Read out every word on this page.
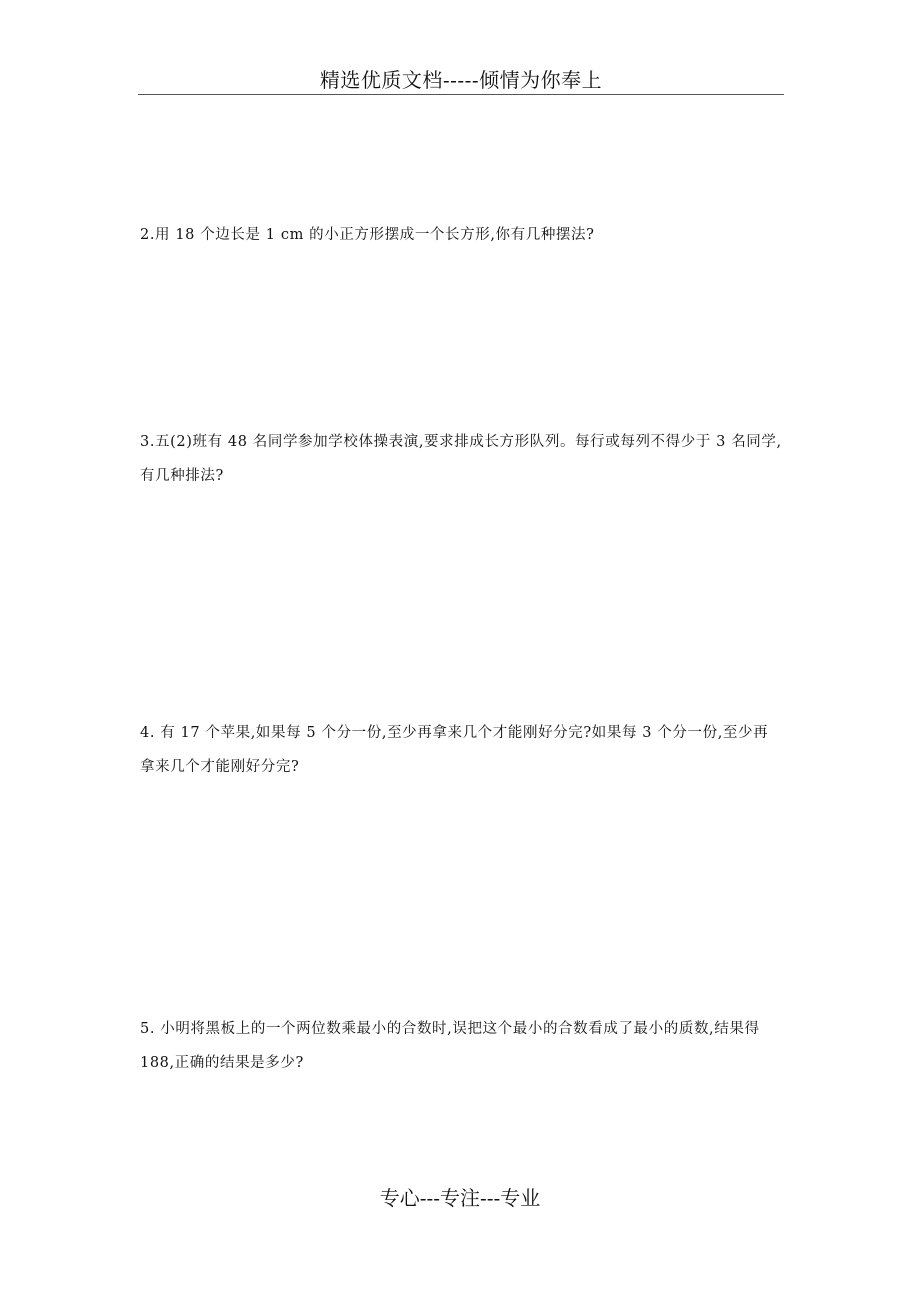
精选优质文档-----倾情为你奉上
2.用 18 个边长是 1 cm 的小正方形摆成一个长方形,你有几种摆法?
3.五(2)班有 48 名同学参加学校体操表演,要求排成长方形队列。每行或每列不得少于 3 名同学,有几种排法?
4. 有 17 个苹果,如果每 5 个分一份,至少再拿来几个才能刚好分完?如果每 3 个分一份,至少再拿来几个才能刚好分完?
5. 小明将黑板上的一个两位数乘最小的合数时,误把这个最小的合数看成了最小的质数,结果得 188,正确的结果是多少?
专心---专注---专业
